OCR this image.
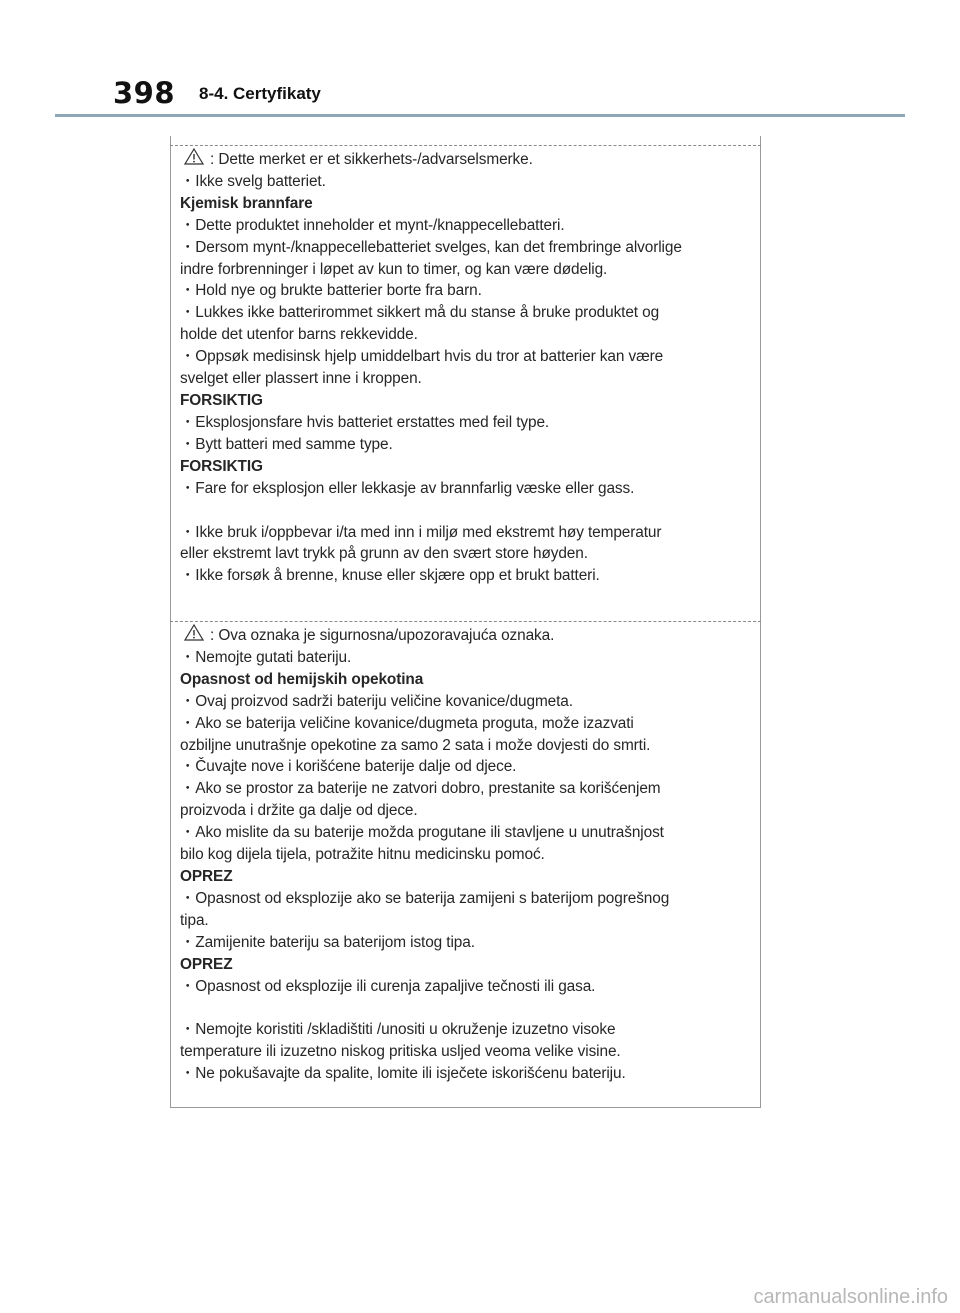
398 8-4. Certyfikaty
: Dette merket er et sikkerhets-/advarselsmerke.
・Ikke svelg batteriet.
Kjemisk brannfare
・Dette produktet inneholder et mynt-/knappecellebatteri.
・Dersom mynt-/knappecellebatteriet svelges, kan det frembringe alvorlige
indre forbrenninger i løpet av kun to timer, og kan være dødelig.
・Hold nye og brukte batterier borte fra barn.
・Lukkes ikke batterirommet sikkert må du stanse å bruke produktet og
holde det utenfor barns rekkevidde.
・Oppsøk medisinsk hjelp umiddelbart hvis du tror at batterier kan være
svelget eller plassert inne i kroppen.
FORSIKTIG
・Eksplosjonsfare hvis batteriet erstattes med feil type.
・Bytt batteri med samme type.
FORSIKTIG
・Fare for eksplosjon eller lekkasje av brannfarlig væske eller gass.
・Ikke bruk i/oppbevar i/ta med inn i miljø med ekstremt høy temperatur
eller ekstremt lavt trykk på grunn av den svært store høyden.
・Ikke forsøk å brenne, knuse eller skjære opp et brukt batteri.
: Ova oznaka je sigurnosna/upozoravajuća oznaka.
・Nemojte gutati bateriju.
Opasnost od hemijskih opekotina
・Ovaj proizvod sadrži bateriju veličine kovanice/dugmeta.
・Ako se baterija veličine kovanice/dugmeta proguta, može izazvati
ozbiljne unutrašnje opekotine za samo 2 sata i može dovjesti do smrti.
・Čuvajte nove i korišćene baterije dalje od djece.
・Ako se prostor za baterije ne zatvori dobro, prestanite sa korišćenjem
proizvoda i držite ga dalje od djece.
・Ako mislite da su baterije možda progutane ili stavljene u unutrašnjost
bilo kog dijela tijela, potražite hitnu medicinsku pomoć.
OPREZ
・Opasnost od eksplozije ako se baterija zamijeni s baterijom pogrešnog
tipa.
・Zamijenite bateriju sa baterijom istog tipa.
OPREZ
・Opasnost od eksplozije ili curenja zapaljive tečnosti ili gasa.
・Nemojte koristiti /skladištiti /unositi u okruženje izuzetno visoke
temperature ili izuzetno niskog pritiska usljed veoma velike visine.
・Ne pokušavajte da spalite, lomite ili isječete iskorišćenu bateriju.
carmanualsonline.info
